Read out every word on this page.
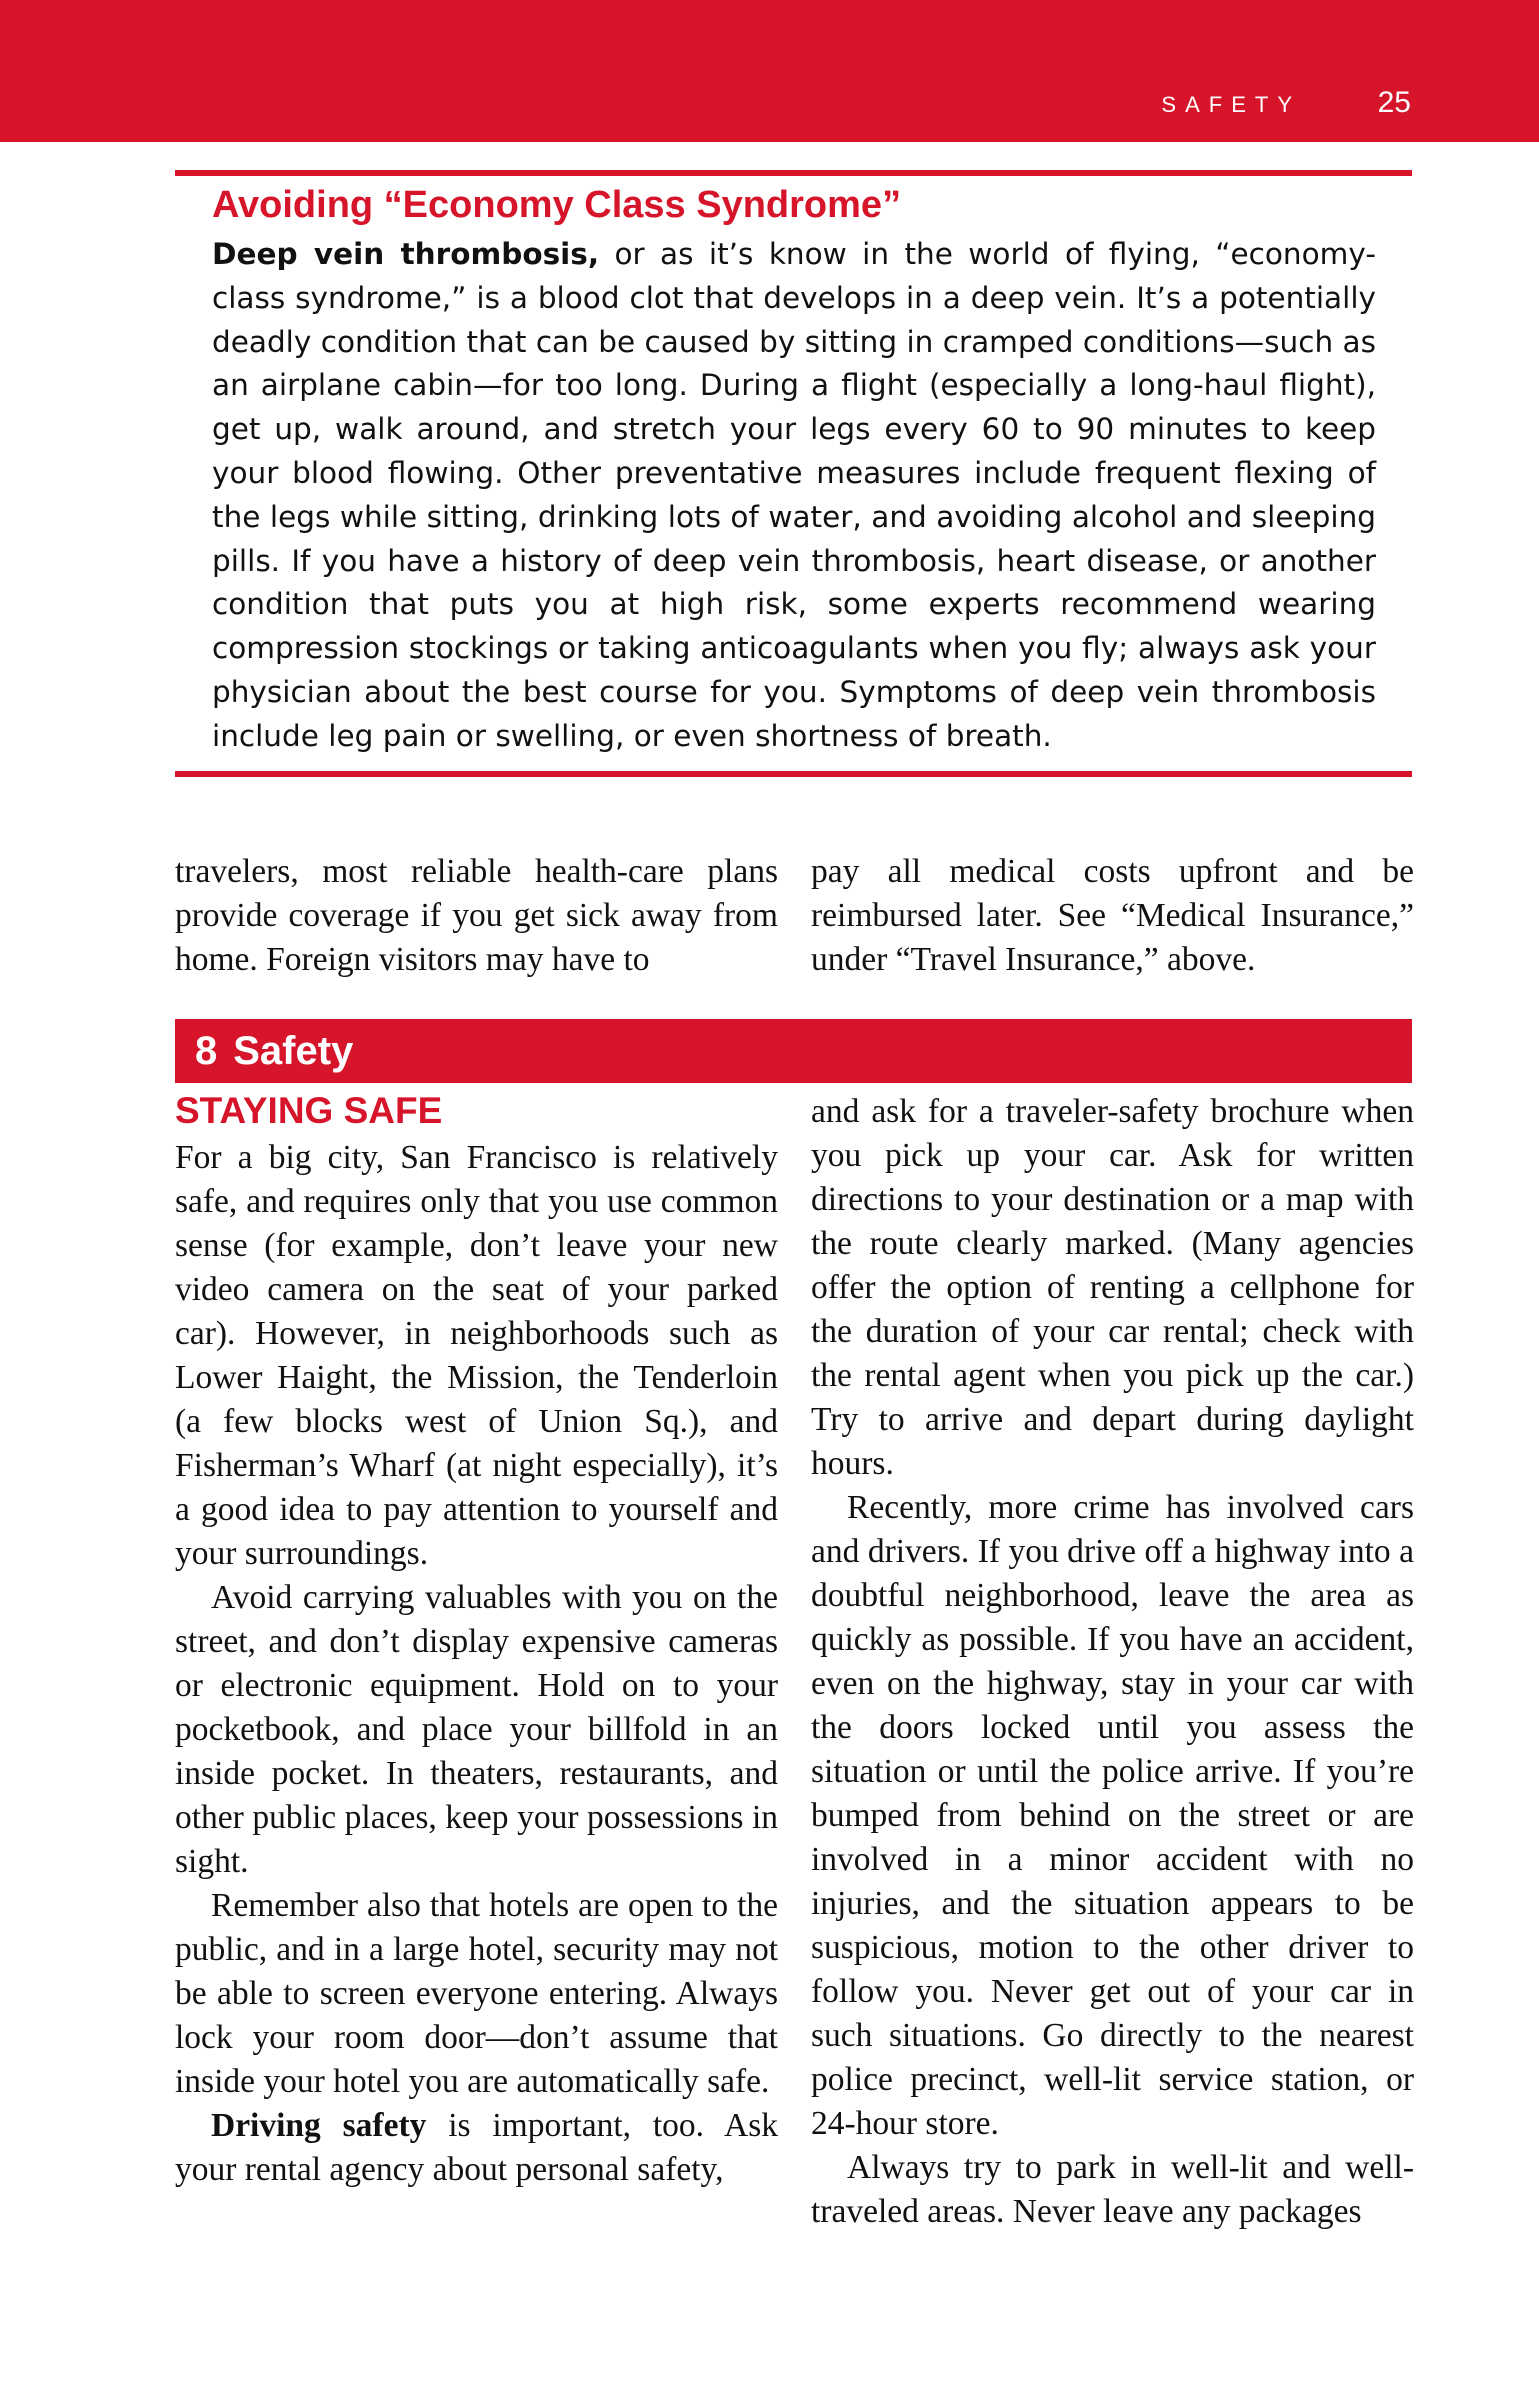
SAFETY	25
Avoiding “Economy Class Syndrome”

Deep vein thrombosis, or as it’s know in the world of flying, “economy-class syndrome,” is a blood clot that develops in a deep vein. It’s a potentially deadly condition that can be caused by sitting in cramped conditions—such as an airplane cabin—for too long. During a flight (especially a long-haul flight), get up, walk around, and stretch your legs every 60 to 90 minutes to keep your blood flowing. Other preventative measures include frequent flexing of the legs while sitting, drinking lots of water, and avoiding alcohol and sleeping pills. If you have a history of deep vein thrombosis, heart disease, or another condition that puts you at high risk, some experts recommend wearing compression stockings or taking anticoagulants when you fly; always ask your physician about the best course for you. Symptoms of deep vein thrombosis include leg pain or swelling, or even shortness of breath.

travelers, most reliable health-care plans provide coverage if you get sick away from home. Foreign visitors may have to

pay all medical costs upfront and be reimbursed later. See “Medical Insurance,” under “Travel Insurance,” above.

8 Safety
STAYING SAFE

For a big city, San Francisco is relatively safe, and requires only that you use common sense (for example, don’t leave your new video camera on the seat of your parked car). However, in neighborhoods such as Lower Haight, the Mission, the Tenderloin (a few blocks west of Union Sq.), and Fisherman’s Wharf (at night especially), it’s a good idea to pay attention to yourself and your surroundings.

Avoid carrying valuables with you on the street, and don’t display expensive cameras or electronic equipment. Hold on to your pocketbook, and place your billfold in an inside pocket. In theaters, restaurants, and other public places, keep your possessions in sight.

Remember also that hotels are open to the public, and in a large hotel, security may not be able to screen everyone entering. Always lock your room door—don’t assume that inside your hotel you are automatically safe.

Driving safety is important, too. Ask your rental agency about personal safety,

and ask for a traveler-safety brochure when you pick up your car. Ask for written directions to your destination or a map with the route clearly marked. (Many agencies offer the option of renting a cellphone for the duration of your car rental; check with the rental agent when you pick up the car.) Try to arrive and depart during daylight hours.

Recently, more crime has involved cars and drivers. If you drive off a highway into a doubtful neighborhood, leave the area as quickly as possible. If you have an accident, even on the highway, stay in your car with the doors locked until you assess the situation or until the police arrive. If you’re bumped from behind on the street or are involved in a minor accident with no injuries, and the situation appears to be suspicious, motion to the other driver to follow you. Never get out of your car in such situations. Go directly to the nearest police precinct, well-lit service station, or 24-hour store.

Always try to park in well-lit and well-traveled areas. Never leave any packages
